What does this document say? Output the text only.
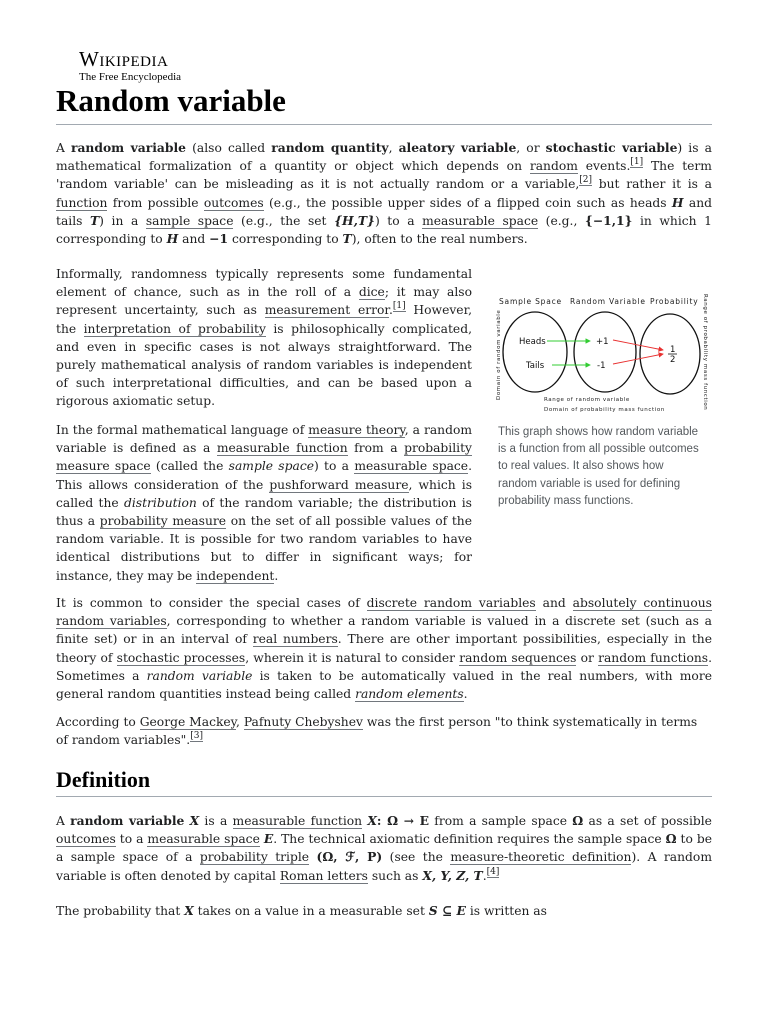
Wikipedia
The Free Encyclopedia
Random variable

A random variable (also called random quantity, aleatory variable, or stochastic variable) is a mathematical formalization of a quantity or object which depends on random events.[1] The term 'random variable' can be misleading as it is not actually random or a variable,[2] but rather it is a function from possible outcomes (e.g., the possible upper sides of a flipped coin such as heads H and tails T) in a sample space (e.g., the set {H,T}) to a measurable space (e.g., {−1,1} in which 1 corresponding to H and −1 corresponding to T), often to the real numbers.

Informally, randomness typically represents some fundamental element of chance, such as in the roll of a dice; it may also represent uncertainty, such as measurement error.[1] However, the interpretation of probability is philosophically complicated, and even in specific cases is not always straightforward. The purely mathematical analysis of random variables is independent of such interpretational difficulties, and can be based upon a rigorous axiomatic setup.

In the formal mathematical language of measure theory, a random variable is defined as a measurable function from a probability measure space (called the sample space) to a measurable space. This allows consideration of the pushforward measure, which is called the distribution of the random variable; the distribution is thus a probability measure on the set of all possible values of the random variable. It is possible for two random variables to have identical distributions but to differ in significant ways; for instance, they may be independent.

Sample Space Random Variable Probability
Domain of random variable	Range of probability mass function
Heads
Tails
+1
-1
1
2
Range of random variable
Domain of probability mass function
This graph shows how random variable is a function from all possible outcomes to real values. It also shows how random variable is used for defining probability mass functions.

It is common to consider the special cases of discrete random variables and absolutely continuous random variables, corresponding to whether a random variable is valued in a discrete set (such as a finite set) or in an interval of real numbers. There are other important possibilities, especially in the theory of stochastic processes, wherein it is natural to consider random sequences or random functions. Sometimes a random variable is taken to be automatically valued in the real numbers, with more general random quantities instead being called random elements.

According to George Mackey, Pafnuty Chebyshev was the first person "to think systematically in terms of random variables".[3]

Definition

A random variable X is a measurable function X: Ω → E from a sample space Ω as a set of possible outcomes to a measurable space E. The technical axiomatic definition requires the sample space Ω to be a sample space of a probability triple (Ω, ℱ, P) (see the measure-theoretic definition). A random variable is often denoted by capital Roman letters such as X, Y, Z, T.[4]

The probability that X takes on a value in a measurable set S ⊆ E is written as
